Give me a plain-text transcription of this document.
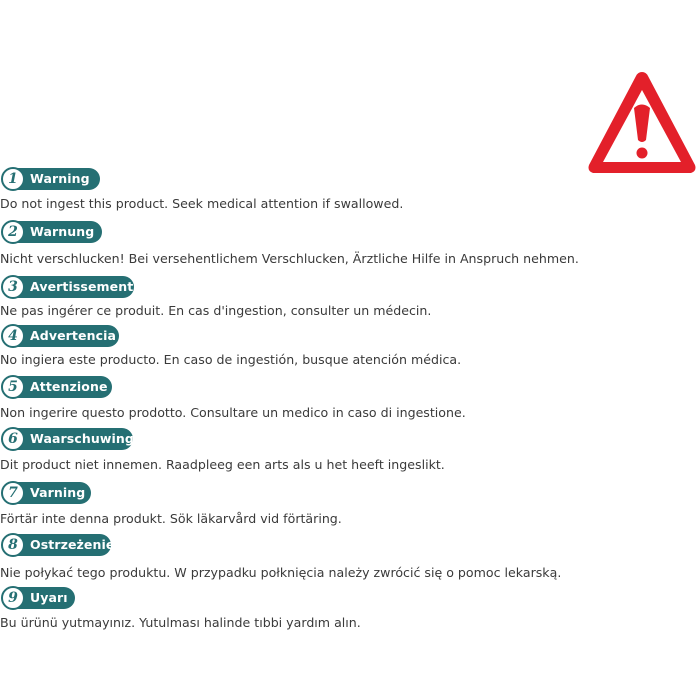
Warning
1
Do not ingest this product. Seek medical attention if swallowed.
Warnung
2
Nicht verschlucken! Bei versehentlichem Verschlucken, Ärztliche Hilfe in Anspruch nehmen.
Avertissement
3
Ne pas ingérer ce produit. En cas d'ingestion, consulter un médecin.
Advertencia
4
No ingiera este producto. En caso de ingestión, busque atención médica.
Attenzione
5
Non ingerire questo prodotto. Consultare un medico in caso di ingestione.
Waarschuwing
6
Dit product niet innemen. Raadpleeg een arts als u het heeft ingeslikt.
Varning
7
Förtär inte denna produkt. Sök läkarvård vid förtäring.
Ostrzeżenie
8
Nie połykać tego produktu. W przypadku połknięcia należy zwrócić się o pomoc lekarską.
Uyarı
9
Bu ürünü yutmayınız. Yutulması halinde tıbbi yardım alın.
